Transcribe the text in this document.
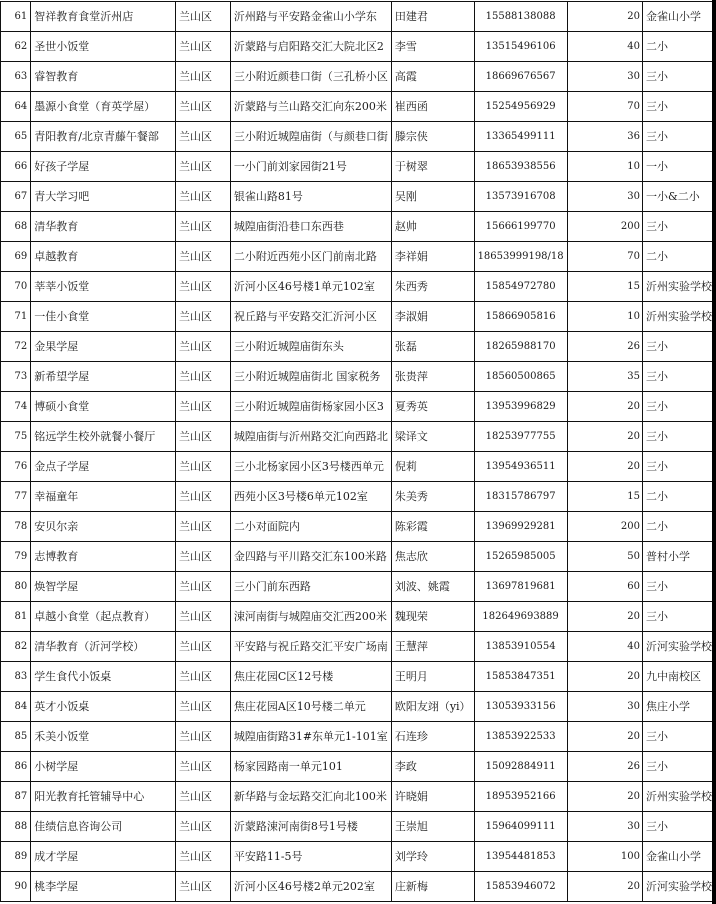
61	智祥教育食堂沂州店	兰山区	沂州路与平安路金雀山小学东	田建君	15588138088	20	金雀山小学
62	圣世小饭堂	兰山区	沂蒙路与启阳路交汇大院北区2	李雪	13515496106	40	二小
63	睿智教育	兰山区	三小附近颜巷口街（三孔桥小区	高霞	18669676567	30	三小
64	墨源小食堂（育英学屋）	兰山区	沂蒙路与兰山路交汇向东200米	崔西函	15254956929	70	三小
65	青阳教育/北京青藤午餐部	兰山区	三小附近城隍庙街（与颜巷口街	滕宗侠	13365499111	36	三小
66	好孩子学屋	兰山区	一小门前刘家园街21号	于树翠	18653938556	10	一小
67	青大学习吧	兰山区	银雀山路81号	吴刚	13573916708	30	一小&二小
68	清华教育	兰山区	城隍庙街沿巷口东西巷	赵帅	15666199770	200	三小
69	卓越教育	兰山区	二小附近西苑小区门前南北路	李祥娟	18653999198/18	70	二小
70	莘莘小饭堂	兰山区	沂河小区46号楼1单元102室	朱西秀	15854972780	15	沂州实验学校
71	一佳小食堂	兰山区	祝丘路与平安路交汇沂河小区	李淑娟	15866905816	10	沂州实验学校
72	金果学屋	兰山区	三小附近城隍庙街东头	张磊	18265988170	26	三小
73	新希望学屋	兰山区	三小附近城隍庙街北 国家税务	张贵萍	18560500865	35	三小
74	博硕小食堂	兰山区	三小附近城隍庙街杨家园小区3	夏秀英	13953996829	20	三小
75	铭远学生校外就餐小餐厅	兰山区	城隍庙街与沂州路交汇向西路北	梁译文	18253977755	20	三小
76	金点子学屋	兰山区	三小北杨家园小区3号楼西单元	倪莉	13954936511	20	三小
77	幸福童年	兰山区	西苑小区3号楼6单元102室	朱美秀	18315786797	15	二小
78	安贝尔亲	兰山区	二小对面院内	陈彩霞	13969929281	200	二小
79	志博教育	兰山区	金四路与平川路交汇东100米路	焦志欣	15265985005	50	普村小学
80	焕智学屋	兰山区	三小门前东西路	刘波、姚霞	13697819681	60	三小
81	卓越小食堂（起点教育）	兰山区	涑河南街与城隍庙交汇西200米	魏现荣	182649693889	20	三小
82	清华教育（沂河学校）	兰山区	平安路与祝丘路交汇平安广场南	王慧萍	13853910554	40	沂河实验学校
83	学生食代小饭桌	兰山区	焦庄花园C区12号楼	王明月	15853847351	20	九中南校区
84	英才小饭桌	兰山区	焦庄花园A区10号楼二单元	欧阳友翊（yi）	13053933156	30	焦庄小学
85	禾美小饭堂	兰山区	城隍庙街路31#东单元1-101室	石连珍	13853922533	20	三小
86	小树学屋	兰山区	杨家园路南一单元101	李政	15092884911	26	三小
87	阳光教育托管辅导中心	兰山区	新华路与金坛路交汇向北100米	许晓娟	18953952166	20	沂州实验学校
88	佳绩信息咨询公司	兰山区	沂蒙路涑河南街8号1号楼	王崇旭	15964099111	30	三小
89	成才学屋	兰山区	平安路11-5号	刘学玲	13954481853	100	金雀山小学
90	桃李学屋	兰山区	沂河小区46号楼2单元202室	庄新梅	15853946072	20	沂河实验学校
